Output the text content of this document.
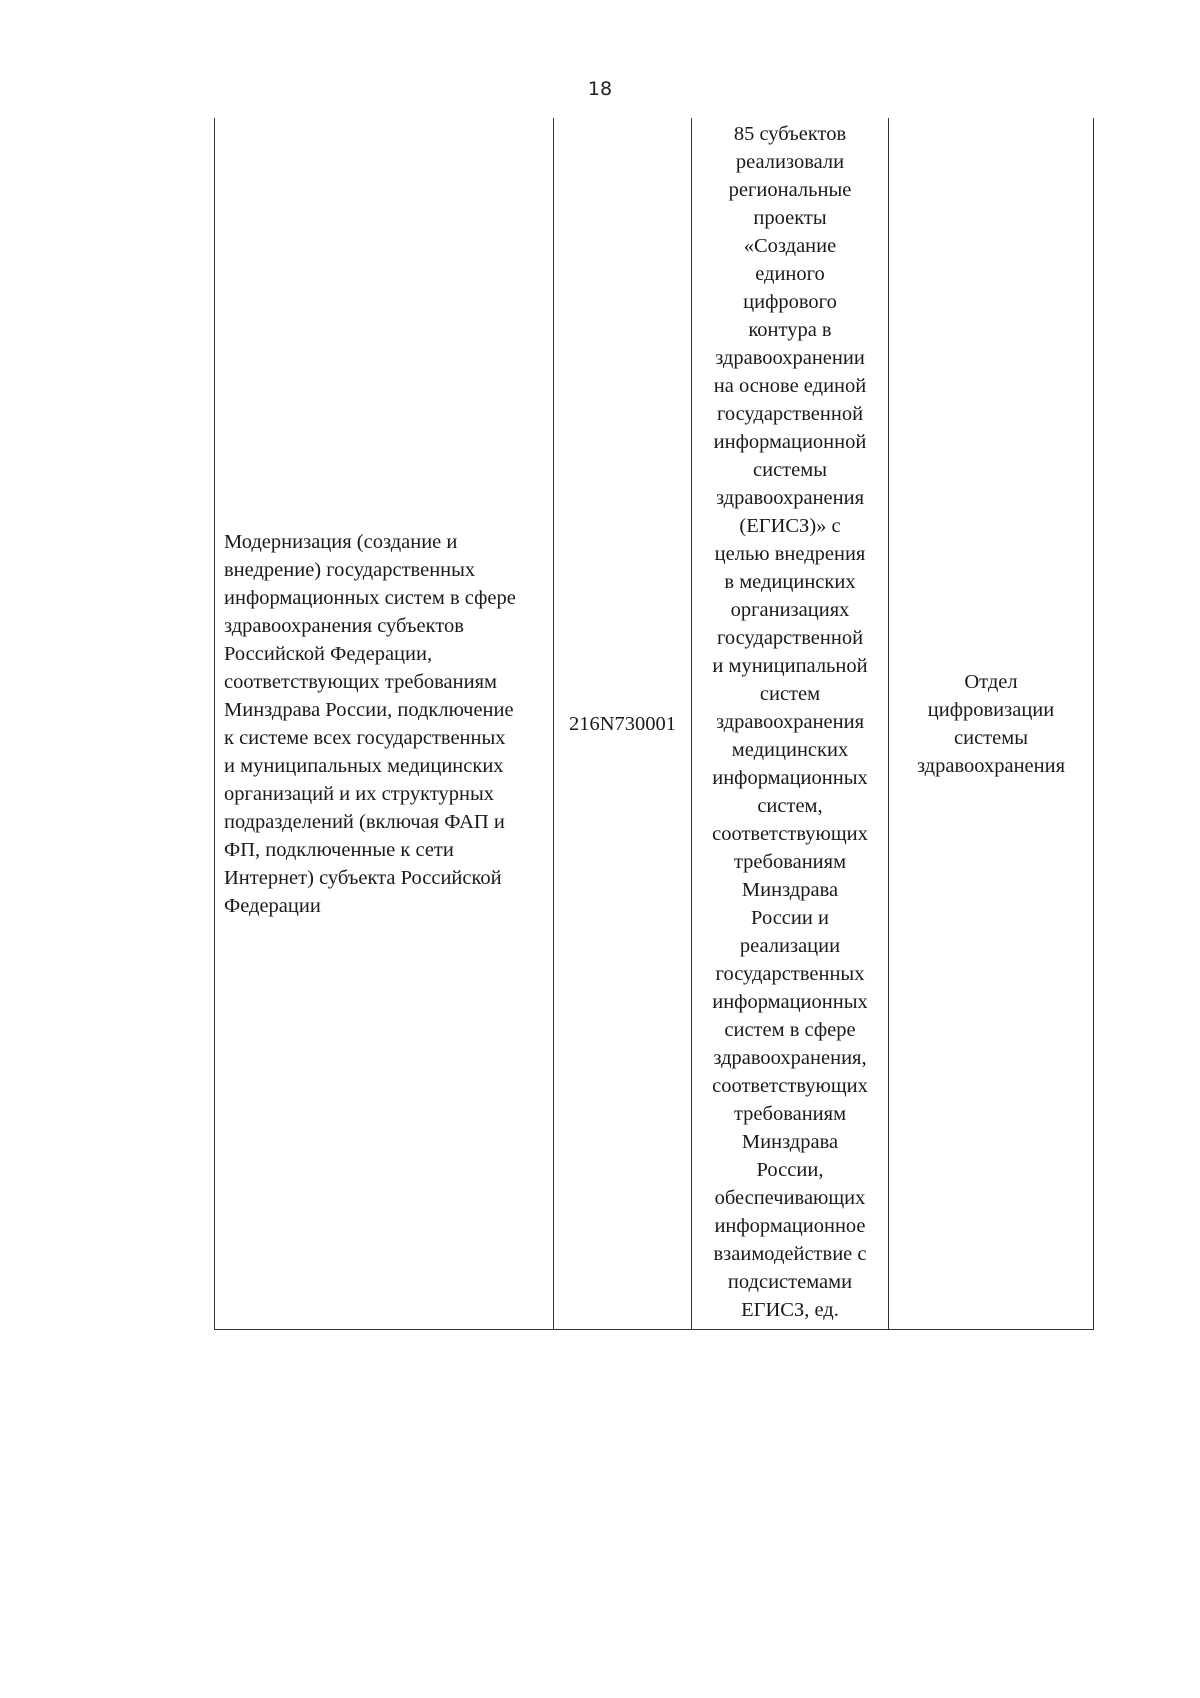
18
Модернизация (создание и
внедрение) государственных
информационных систем в сфере
здравоохранения субъектов
Российской Федерации,
соответствующих требованиям
Минздрава России, подключение
к системе всех государственных
и муниципальных медицинских
организаций и их структурных
подразделений (включая ФАП и
ФП, подключенные к сети
Интернет) субъекта Российской
Федерации
216N730001
85 субъектов
реализовали
региональные
проекты
«Создание
единого
цифрового
контура в
здравоохранении
на основе единой
государственной
информационной
системы
здравоохранения
(ЕГИСЗ)» с
целью внедрения
в медицинских
организациях
государственной
и муниципальной
систем
здравоохранения
медицинских
информационных
систем,
соответствующих
требованиям
Минздрава
России и
реализации
государственных
информационных
систем в сфере
здравоохранения,
соответствующих
требованиям
Минздрава
России,
обеспечивающих
информационное
взаимодействие с
подсистемами
ЕГИСЗ, ед.
Отдел
цифровизации
системы
здравоохранения
